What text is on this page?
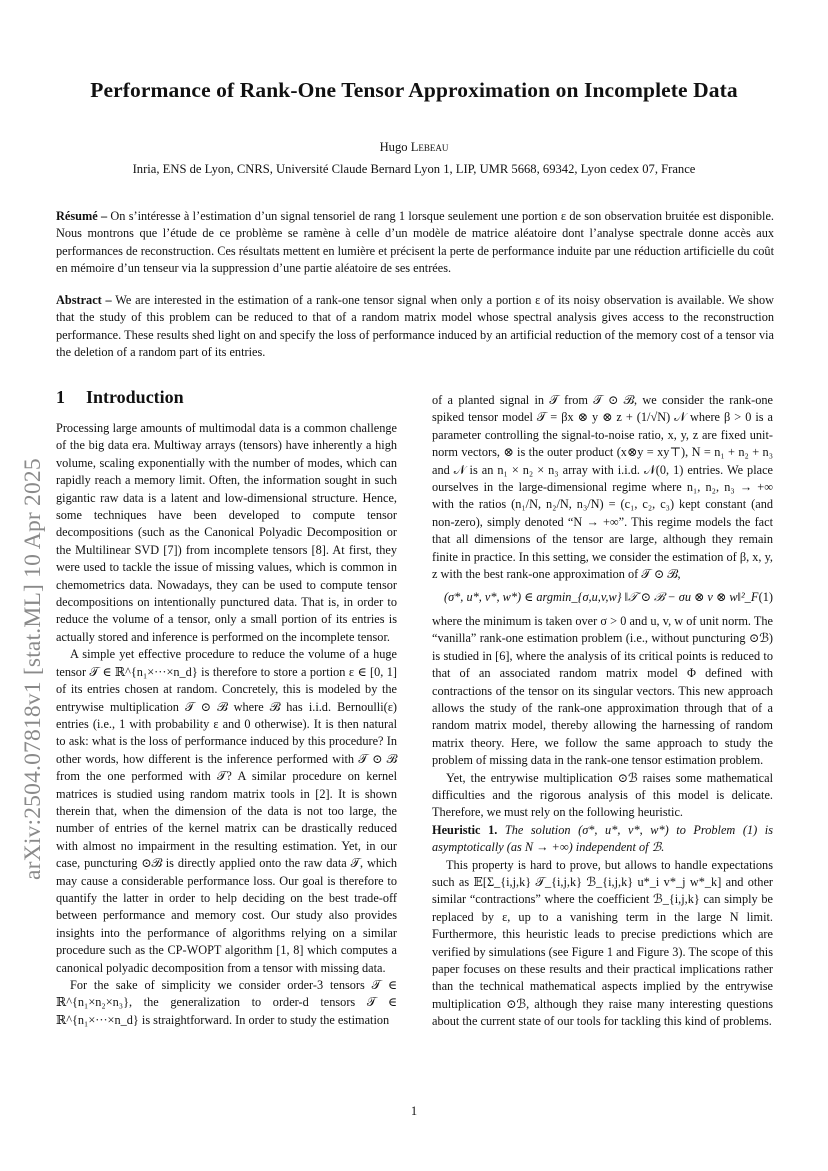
arXiv:2504.07818v1 [stat.ML] 10 Apr 2025
Performance of Rank-One Tensor Approximation on Incomplete Data
Hugo Lebeau
Inria, ENS de Lyon, CNRS, Université Claude Bernard Lyon 1, LIP, UMR 5668, 69342, Lyon cedex 07, France

Résumé – On s’intéresse à l’estimation d’un signal tensoriel de rang 1 lorsque seulement une portion ε de son observation bruitée est disponible. Nous montrons que l’étude de ce problème se ramène à celle d’un modèle de matrice aléatoire dont l’analyse spectrale donne accès aux performances de reconstruction. Ces résultats mettent en lumière et précisent la perte de performance induite par une réduction artificielle du coût en mémoire d’un tenseur via la suppression d’une partie aléatoire de ses entrées.

Abstract – We are interested in the estimation of a rank-one tensor signal when only a portion ε of its noisy observation is available. We show that the study of this problem can be reduced to that of a random matrix model whose spectral analysis gives access to the reconstruction performance. These results shed light on and specify the loss of performance induced by an artificial reduction of the memory cost of a tensor via the deletion of a random part of its entries.

1 Introduction

Processing large amounts of multimodal data is a common challenge of the big data era. Multiway arrays (tensors) have inherently a high volume, scaling exponentially with the number of modes, which can rapidly reach a memory limit. Often, the information sought in such gigantic raw data is a latent and low-dimensional structure. Hence, some techniques have been developed to compute tensor decompositions (such as the Canonical Polyadic Decomposition or the Multilinear SVD [7]) from incomplete tensors [8]. At first, they were used to tackle the issue of missing values, which is common in chemometrics data. Nowadays, they can be used to compute tensor decompositions on intentionally punctured data. That is, in order to reduce the volume of a tensor, only a small portion of its entries is actually stored and inference is performed on the incomplete tensor.

A simple yet effective procedure to reduce the volume of a huge tensor 𝒯 ∈ ℝ^{n₁×···×n_d} is therefore to store a portion ε ∈ [0, 1] of its entries chosen at random. Concretely, this is modeled by the entrywise multiplication 𝒯 ⊙ ℬ where ℬ has i.i.d. Bernoulli(ε) entries (i.e., 1 with probability ε and 0 otherwise). It is then natural to ask: what is the loss of performance induced by this procedure? In other words, how different is the inference performed with 𝒯 ⊙ ℬ from the one performed with 𝒯? A similar procedure on kernel matrices is studied using random matrix tools in [2]. It is shown therein that, when the dimension of the data is not too large, the number of entries of the kernel matrix can be drastically reduced with almost no impairment in the resulting estimation. Yet, in our case, puncturing ⊙ℬ is directly applied onto the raw data 𝒯, which may cause a considerable performance loss. Our goal is therefore to quantify the latter in order to help deciding on the best trade-off between performance and memory cost. Our study also provides insights into the performance of algorithms relying on a similar procedure such as the CP-WOPT algorithm [1, 8] which computes a canonical polyadic decomposition from a tensor with missing data.

For the sake of simplicity we consider order-3 tensors 𝒯 ∈ ℝ^{n₁×n₂×n₃}, the generalization to order-d tensors 𝒯 ∈ ℝ^{n₁×···×n_d} is straightforward. In order to study the estimation

of a planted signal in 𝒯 from 𝒯 ⊙ ℬ, we consider the rank-one spiked tensor model 𝒯 = βx ⊗ y ⊗ z + (1/√N) 𝒩 where β > 0 is a parameter controlling the signal-to-noise ratio, x, y, z are fixed unit-norm vectors, ⊗ is the outer product (x⊗y = xy⊤), N = n₁ + n₂ + n₃ and 𝒩 is an n₁ × n₂ × n₃ array with i.i.d. 𝒩(0, 1) entries. We place ourselves in the large-dimensional regime where n₁, n₂, n₃ → +∞ with the ratios (n₁/N, n₂/N, n₃/N) = (c₁, c₂, c₃) kept constant (and non-zero), simply denoted “N → +∞”. This regime models the fact that all dimensions of the tensor are large, although they remain finite in practice. In this setting, we consider the estimation of β, x, y, z with the best rank-one approximation of 𝒯 ⊙ ℬ,

(σ*, u*, v*, w*) ∈ argmin_{σ,u,v,w} ‖𝒯 ⊙ ℬ − σu ⊗ v ⊗ w‖²_F (1)

where the minimum is taken over σ > 0 and u, v, w of unit norm. The “vanilla” rank-one estimation problem (i.e., without puncturing ⊙ℬ) is studied in [6], where the analysis of its critical points is reduced to that of an associated random matrix model Φ defined with contractions of the tensor on its singular vectors. This new approach allows the study of the rank-one approximation through that of a random matrix model, thereby allowing the harnessing of random matrix theory. Here, we follow the same approach to study the problem of missing data in the rank-one tensor estimation problem.

Yet, the entrywise multiplication ⊙ℬ raises some mathematical difficulties and the rigorous analysis of this model is delicate. Therefore, we must rely on the following heuristic.

Heuristic 1. The solution (σ*, u*, v*, w*) to Problem (1) is asymptotically (as N → +∞) independent of ℬ.

This property is hard to prove, but allows to handle expectations such as 𝔼[Σ_{i,j,k} 𝒯_{i,j,k} ℬ_{i,j,k} u*_i v*_j w*_k] and other similar “contractions” where the coefficient ℬ_{i,j,k} can simply be replaced by ε, up to a vanishing term in the large N limit. Furthermore, this heuristic leads to precise predictions which are verified by simulations (see Figure 1 and Figure 3). The scope of this paper focuses on these results and their practical implications rather than the technical mathematical aspects implied by the entrywise multiplication ⊙ℬ, although they raise many interesting questions about the current state of our tools for tackling this kind of problems.

1
